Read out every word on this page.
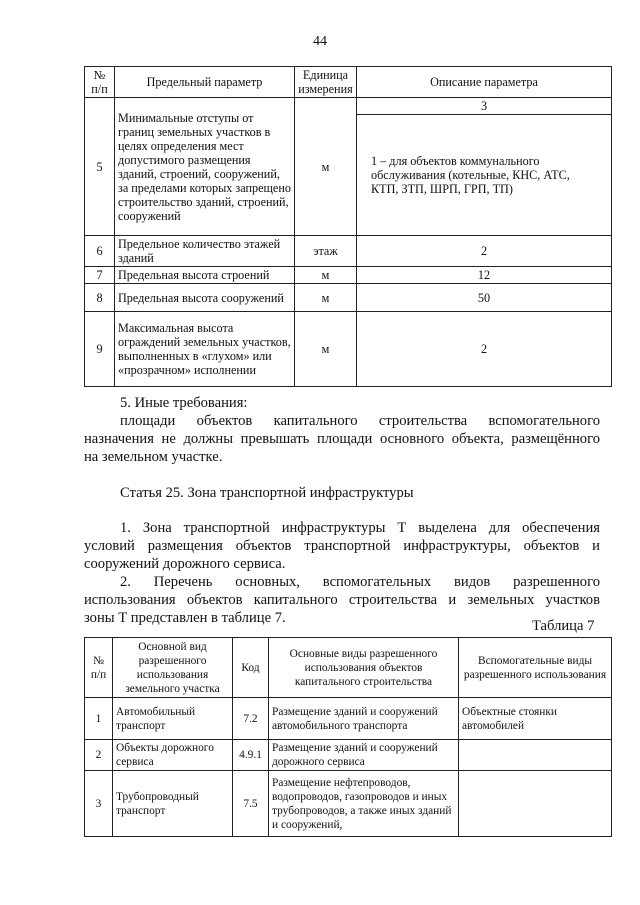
44
№ п/п	Предельный параметр	Единица измерения	Описание параметра
5	Минимальные отступы от границ земельных участков в целях определения мест допустимого размещения зданий, строений, сооружений, за пределами которых запрещено строительство зданий, строений, сооружений	м	3
			1 – для объектов коммунального обслуживания (котельные, КНС, АТС, КТП, ЗТП, ШРП, ГРП, ТП)
6	Предельное количество этажей зданий	этаж	2
7	Предельная высота строений	м	12
8	Предельная высота сооружений	м	50
9	Максимальная высота ограждений земельных участков, выполненных в «глухом» или «прозрачном» исполнении	м	2
5. Иные требования:
площади объектов капитального строительства вспомогательного
назначения не должны превышать площади основного объекта, размещённого
на земельном участке.
Статья 25. Зона транспортной инфраструктуры
1. Зона транспортной инфраструктуры Т выделена для обеспечения
условий размещения объектов транспортной инфраструктуры, объектов и
сооружений дорожного сервиса.
2. Перечень основных, вспомогательных видов разрешенного
использования объектов капитального строительства и земельных участков
зоны Т представлен в таблице 7.	Таблица 7
№ п/п	Основной вид разрешенного использования земельного участка	Код	Основные виды разрешенного использования объектов капитального строительства	Вспомогательные виды разрешенного использования
1	Автомобильный транспорт	7.2	Размещение зданий и сооружений автомобильного транспорта	Объектные стоянки автомобилей
2	Объекты дорожного сервиса	4.9.1	Размещение зданий и сооружений дорожного сервиса	
3	Трубопроводный транспорт	7.5	Размещение нефтепроводов, водопроводов, газопроводов и иных трубопроводов, а также иных зданий и сооружений,	
